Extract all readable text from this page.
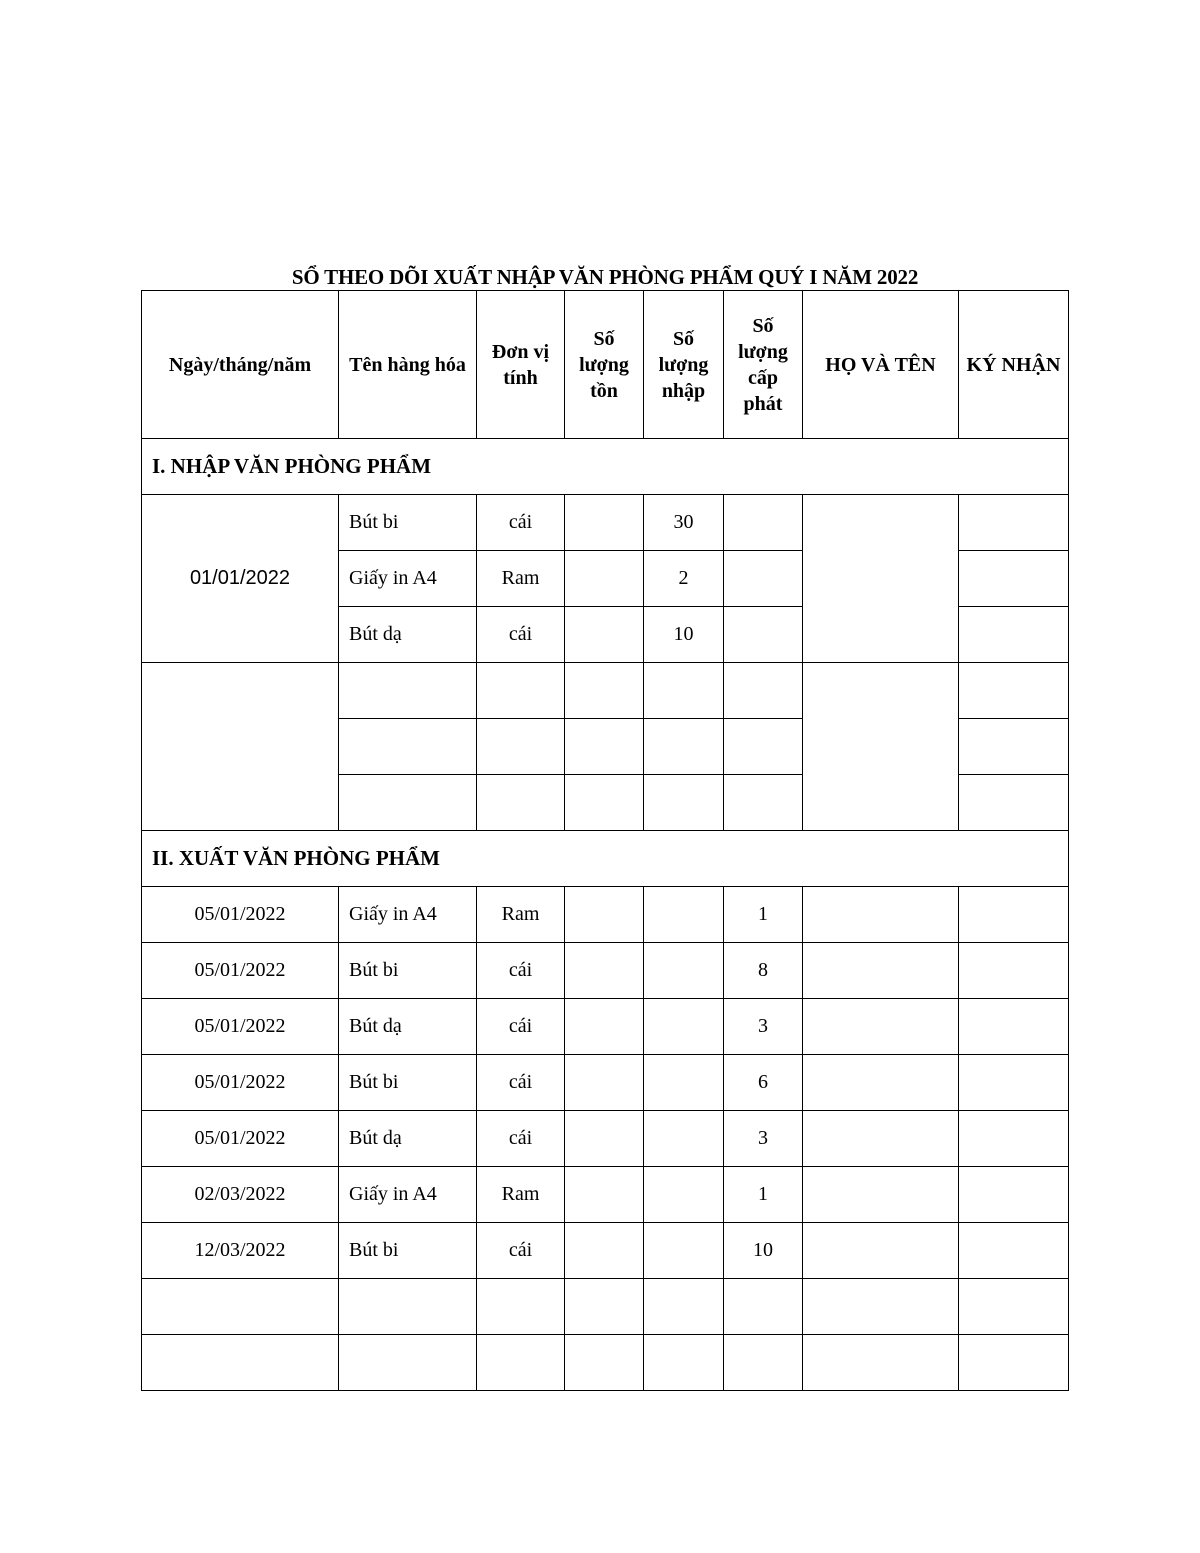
SỔ THEO DÕI XUẤT NHẬP VĂN PHÒNG PHẨM QUÝ I NĂM 2022
Ngày/tháng/năm	Tên hàng hóa	Đơn vị tính	Số lượng tồn	Số lượng nhập	Số lượng cấp phát	HỌ VÀ TÊN	KÝ NHẬN
I. NHẬP VĂN PHÒNG PHẨM							
01/01/2022	Bút bi	cái		30			
	Giấy in A4	Ram		2			
	Bút dạ	cái		10			

II. XUẤT VĂN PHÒNG PHẨM							
05/01/2022	Giấy in A4	Ram			1		
05/01/2022	Bút bi	cái			8		
05/01/2022	Bút dạ	cái			3		
05/01/2022	Bút bi	cái			6		
05/01/2022	Bút dạ	cái			3		
02/03/2022	Giấy in A4	Ram			1		
12/03/2022	Bút bi	cái			10		
